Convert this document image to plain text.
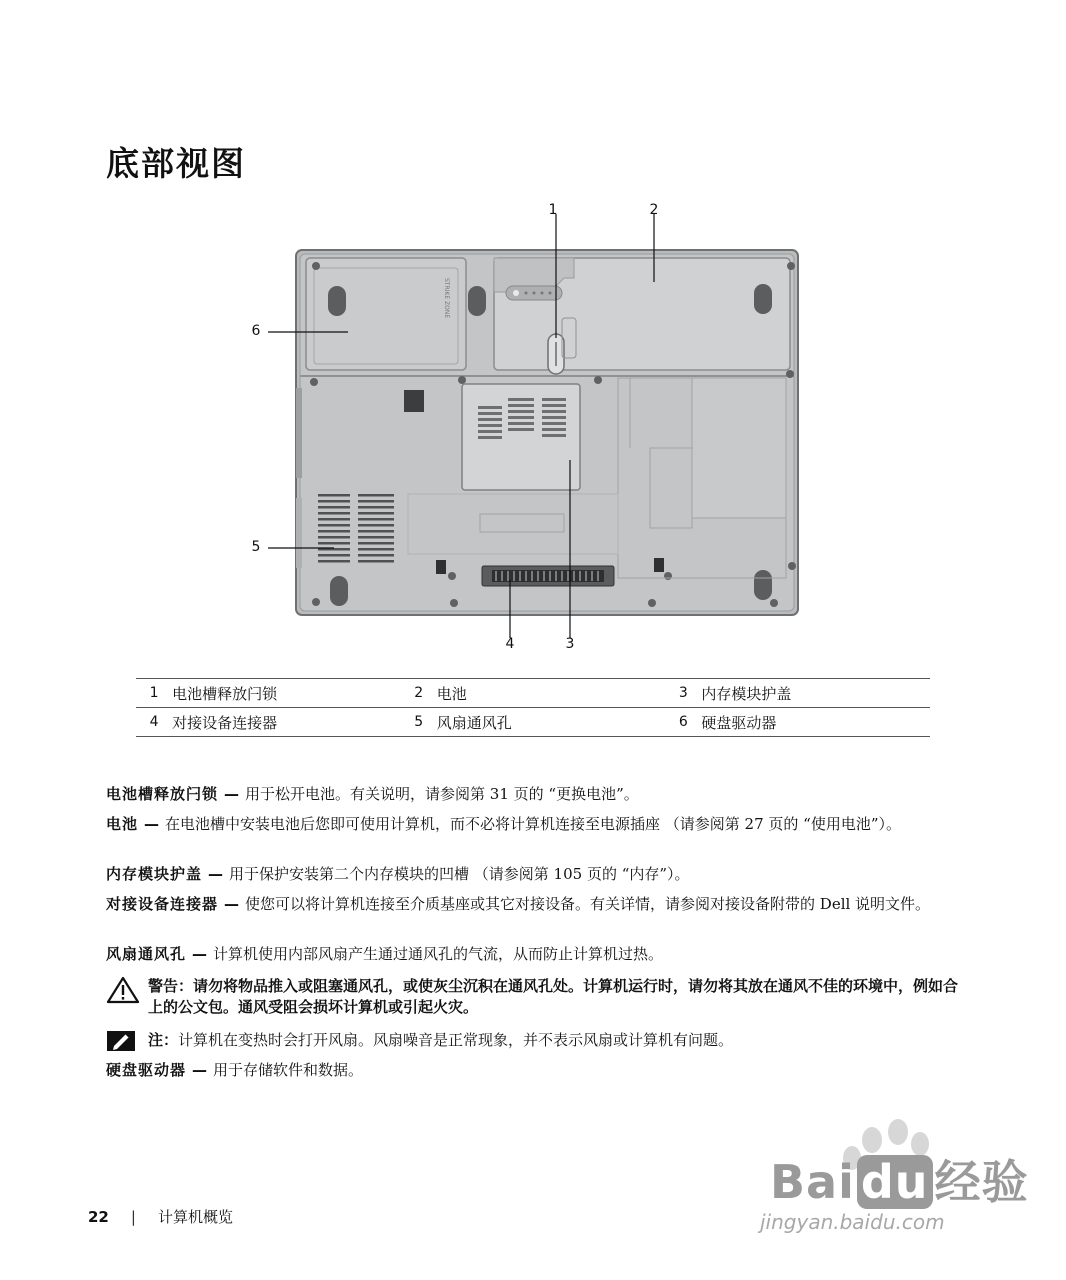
底部视图
STRIKE ZONE
1	2
3
4
5
6
1	电池槽释放闩锁	2	电池	3	内存模块护盖
4	对接设备连接器	5	风扇通风孔	6	硬盘驱动器
电池槽释放闩锁 — 用于松开电池。有关说明，请参阅第 31 页的 “更换电池”。
电池 — 在电池槽中安装电池后您即可使用计算机，而不必将计算机连接至电源插座 （请参阅第 27 页的 “使用电池”）。
内存模块护盖 — 用于保护安装第二个内存模块的凹槽 （请参阅第 105 页的 “内存”）。
对接设备连接器 — 使您可以将计算机连接至介质基座或其它对接设备。有关详情，请参阅对接设备附带的 Dell 说明文件。
风扇通风孔 — 计算机使用内部风扇产生通过通风孔的气流，从而防止计算机过热。
警告：请勿将物品推入或阻塞通风孔，或使灰尘沉积在通风孔处。计算机运行时，请勿将其放在通风不佳的环境中，例如合上的公文包。通风受阻会损坏计算机或引起火灾。
注：计算机在变热时会打开风扇。风扇噪音是正常现象，并不表示风扇或计算机有问题。
硬盘驱动器 — 用于存储软件和数据。
Bai du 经验
jingyan.baidu.com
22 | 计算机概览
